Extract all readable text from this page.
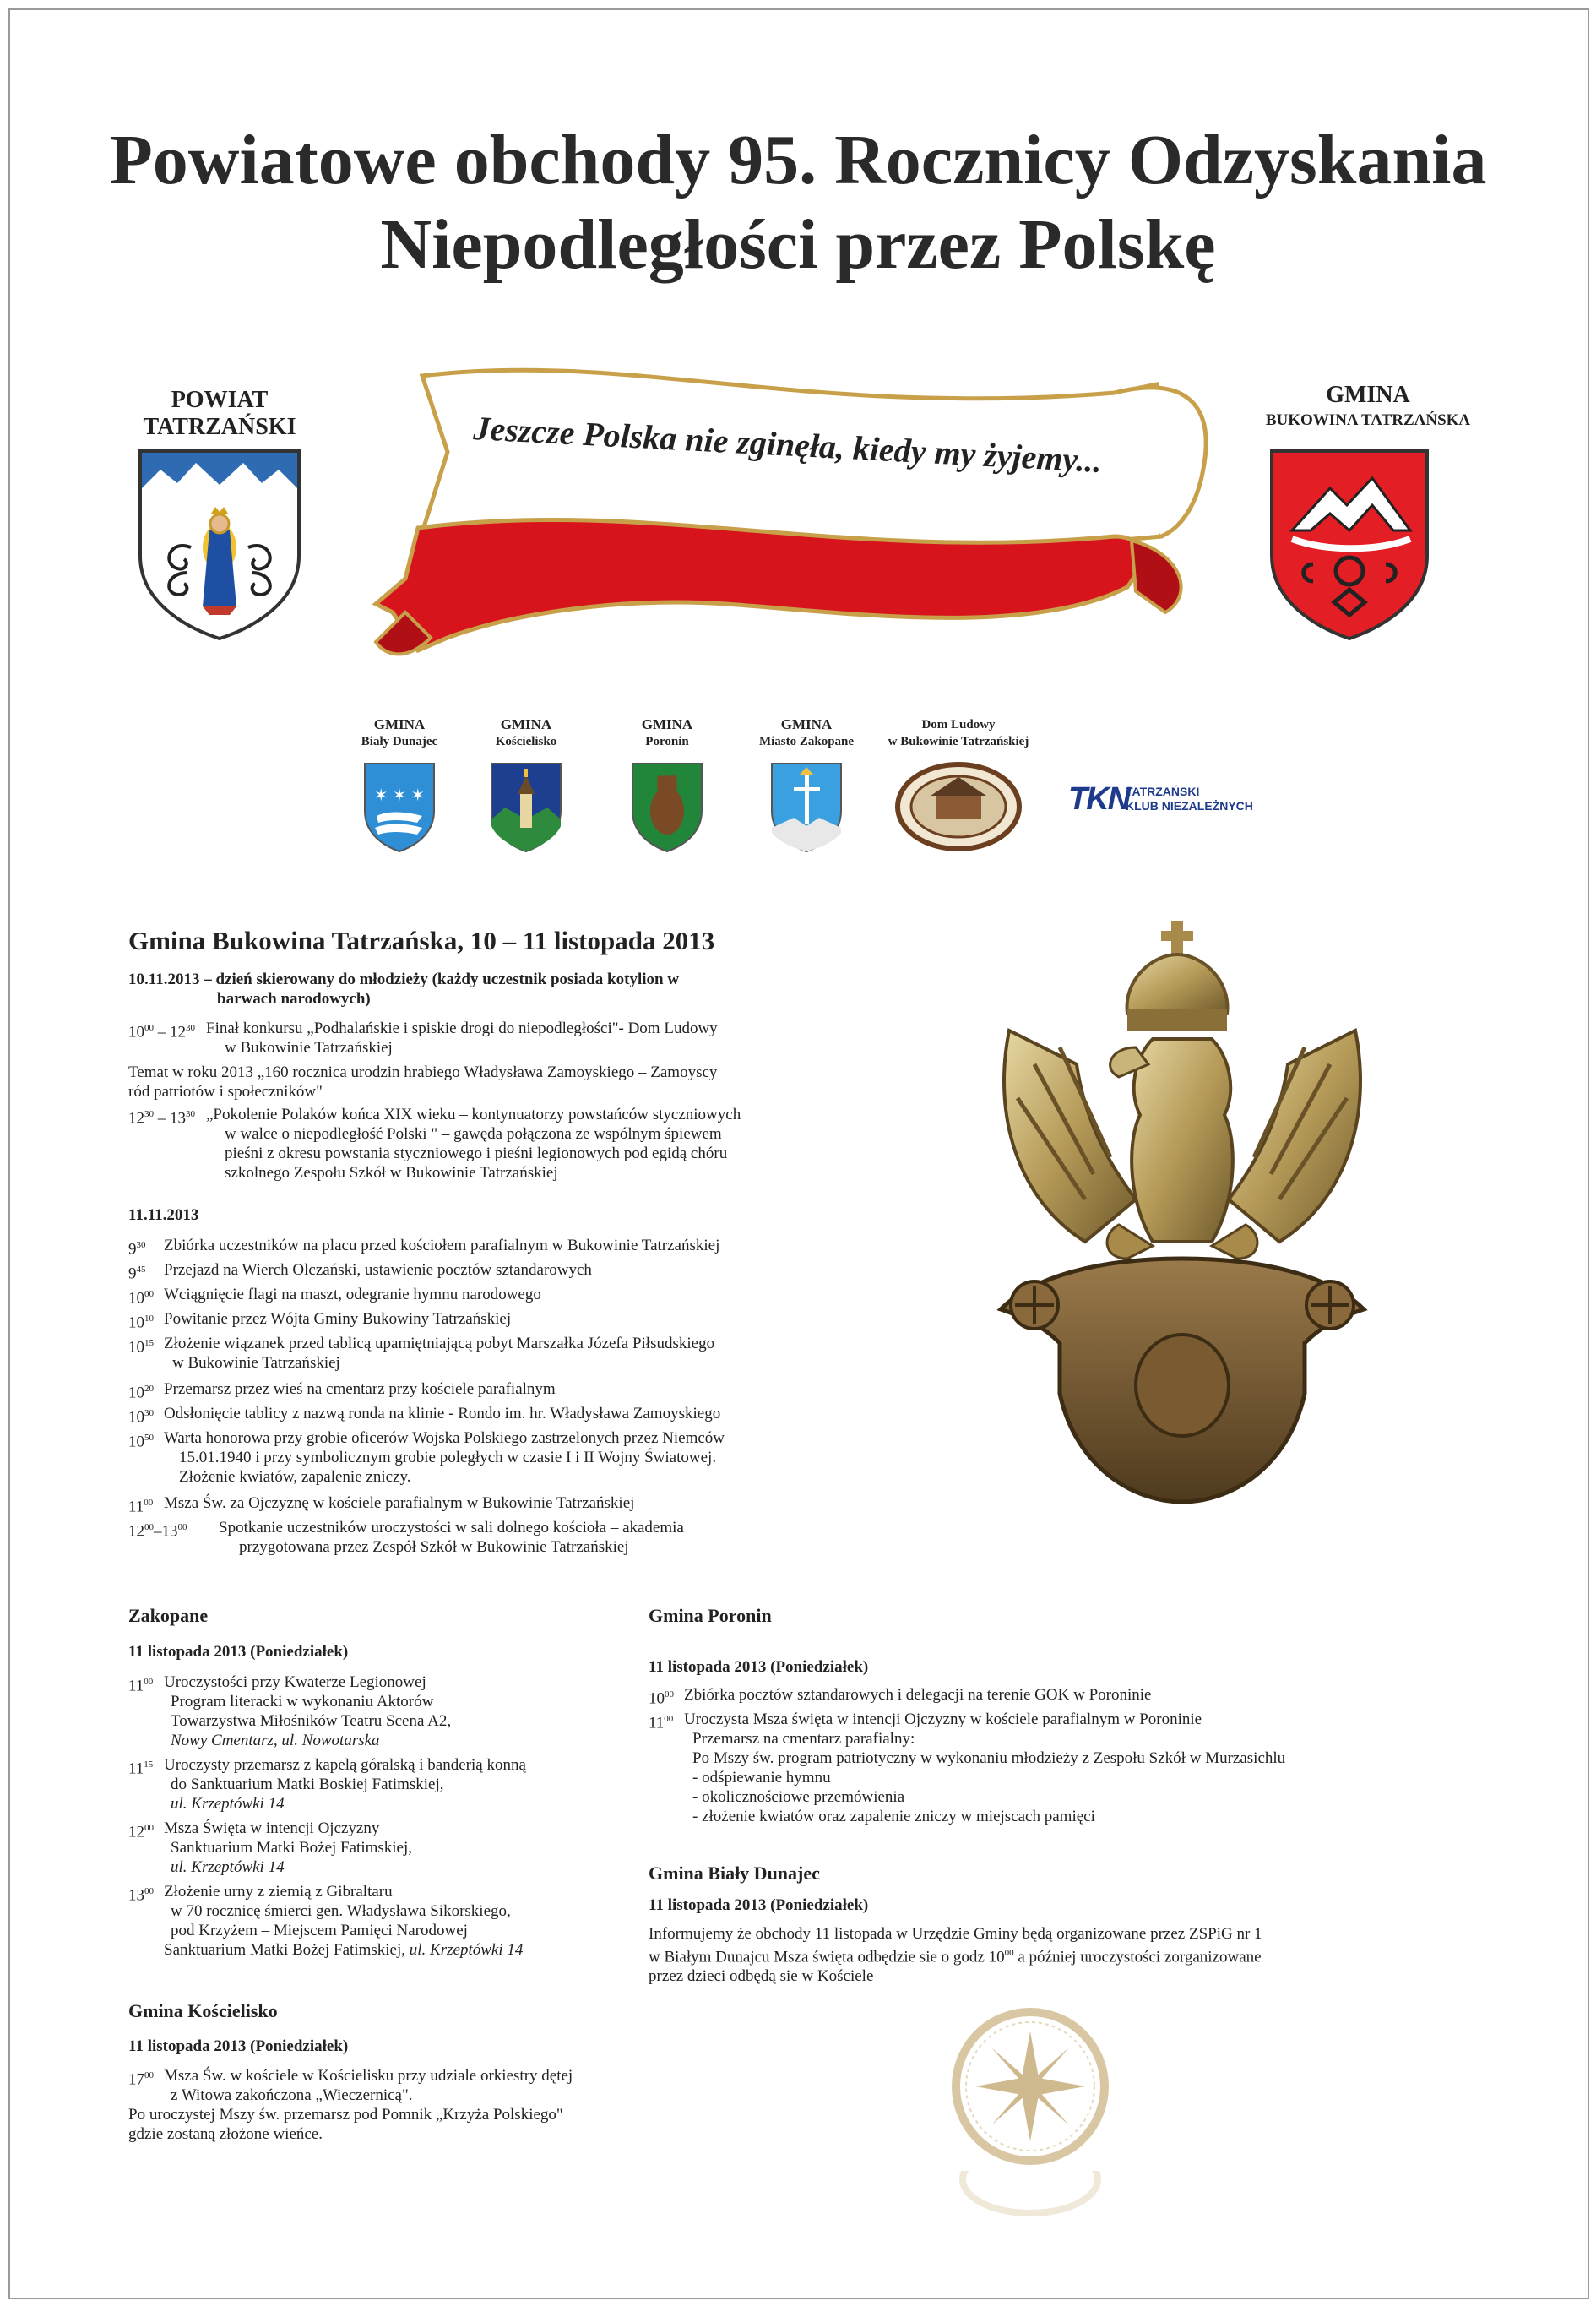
Powiatowe obchody 95. Rocznicy Odzyskania
Niepodległości przez Polskę
POWIAT
TATRZAŃSKI	Jeszcze Polska nie zginęła, kiedy my żyjemy...
GMINA
BUKOWINA TATRZAŃSKA
GMINA
Biały Dunajec
✶ ✶ ✶
GMINA
Kościelisko
GMINA
Poronin
GMINA
Miasto Zakopane
Dom Ludowy
w Bukowinie Tatrzańskiej
TKN
TATRZAŃSKI
KLUB NIEZALEŻNYCH
Gmina Bukowina Tatrzańska, 10 – 11 listopada 2013
10.11.2013 – dzień skierowany do młodzieży (każdy uczestnik posiada kotylion w
barwach narodowych)
$10^{00} - 12^{30}$ Finał konkursu „Podhalańskie i spiskie drogi do niepodległości"- Dom Ludowy
w Bukowinie Tatrzańskiej
Temat w roku 2013 „160 rocznica urodzin hrabiego Władysława Zamoyskiego – Zamoyscy
ród patriotów i społeczników"
$12^{30} - 13^{30}$ „Pokolenie Polaków końca XIX wieku – kontynuatorzy powstańców styczniowych
w walce o niepodległość Polski " – gawęda połączona ze wspólnym śpiewem
pieśni z okresu powstania styczniowego i pieśni legionowych pod egidą chóru
szkolnego Zespołu Szkół w Bukowinie Tatrzańskiej
11.11.2013
$9^{30}$ Zbiórka uczestników na placu przed kościołem parafialnym w Bukowinie Tatrzańskiej
$9^{45}$ Przejazd na Wierch Olczański, ustawienie pocztów sztandarowych
$10^{00}$ Wciągnięcie flagi na maszt, odegranie hymnu narodowego
$10^{10}$ Powitanie przez Wójta Gminy Bukowiny Tatrzańskiej
$10^{15}$ Złożenie wiązanek przed tablicą upamiętniającą pobyt Marszałka Józefa Piłsudskiego
w Bukowinie Tatrzańskiej
$10^{20}$ Przemarsz przez wieś na cmentarz przy kościele parafialnym
$10^{30}$ Odsłonięcie tablicy z nazwą ronda na klinie - Rondo im. hr. Władysława Zamoyskiego
$10^{50}$ Warta honorowa przy grobie oficerów Wojska Polskiego zastrzelonych przez Niemców
15.01.1940 i przy symbolicznym grobie poległych w czasie I i II Wojny Światowej.
Złożenie kwiatów, zapalenie zniczy.
$11^{00}$ Msza Św. za Ojczyznę w kościele parafialnym w Bukowinie Tatrzańskiej
$12^{00}-13^{00}$ Spotkanie uczestników uroczystości w sali dolnego kościoła – akademia
przygotowana przez Zespół Szkół w Bukowinie Tatrzańskiej
Zakopane
11 listopada 2013 (Poniedziałek)
$11^{00}$ Uroczystości przy Kwaterze Legionowej
Program literacki w wykonaniu Aktorów
Towarzystwa Miłośników Teatru Scena A2,
Nowy Cmentarz, ul. Nowotarska
$11^{15}$ Uroczysty przemarsz z kapelą góralską i banderią konną
do Sanktuarium Matki Boskiej Fatimskiej,
ul. Krzeptówki 14
$12^{00}$ Msza Święta w intencji Ojczyzny
Sanktuarium Matki Bożej Fatimskiej,
ul. Krzeptówki 14
$13^{00}$ Złożenie urny z ziemią z Gibraltaru
w 70 rocznicę śmierci gen. Władysława Sikorskiego,
pod Krzyżem – Miejscem Pamięci Narodowej
Sanktuarium Matki Bożej Fatimskiej, ul. Krzeptówki 14
Gmina Kościelisko
11 listopada 2013 (Poniedziałek)
$17^{00}$ Msza Św. w kościele w Kościelisku przy udziale orkiestry dętej
z Witowa zakończona „Wieczernicą".
Po uroczystej Mszy św. przemarsz pod Pomnik „Krzyża Polskiego"
gdzie zostaną złożone wieńce.
Gmina Poronin
11 listopada 2013 (Poniedziałek)
$10^{00}$ Zbiórka pocztów sztandarowych i delegacji na terenie GOK w Poroninie
$11^{00}$ Uroczysta Msza święta w intencji Ojczyzny w kościele parafialnym w Poroninie
Przemarsz na cmentarz parafialny:
Po Mszy św. program patriotyczny w wykonaniu młodzieży z Zespołu Szkół w Murzasichlu
- odśpiewanie hymnu
- okolicznościowe przemówienia
- złożenie kwiatów oraz zapalenie zniczy w miejscach pamięci
Gmina Biały Dunajec
11 listopada 2013 (Poniedziałek)
Informujemy że obchody 11 listopada w Urzędzie Gminy będą organizowane przez ZSPiG nr 1
w Białym Dunajcu Msza święta odbędzie sie o godz $10^{00}$ a później uroczystości zorganizowane
przez dzieci odbędą sie w Kościele
